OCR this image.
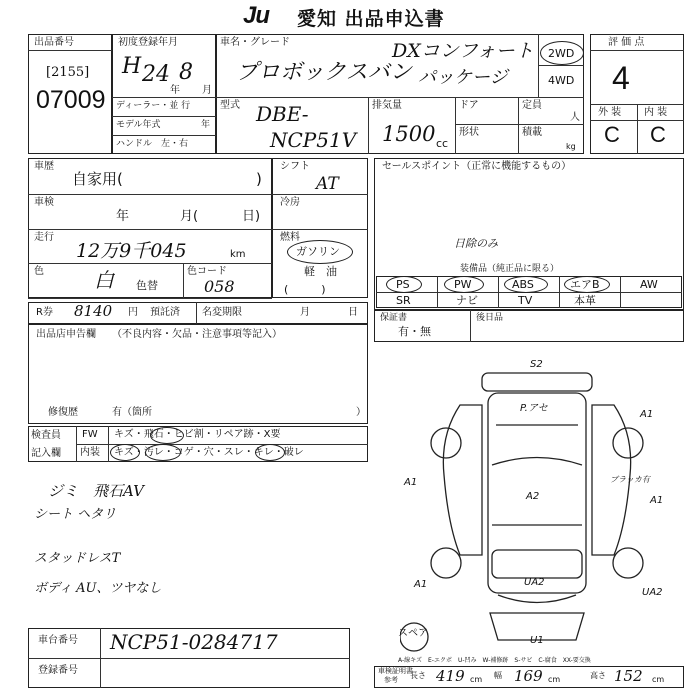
Ju 愛知 出品申込書
出品番号
[2155]
07009
初度登録年月
H 24 8
年 月
ディーラー・並 行
モデル年式	年
ハンドル　左・右
車名・グレード
プロボックスバン
DXコンフォート
パッケージ
2WD
4WD
型式 DBE-
NCP51V
排気量
1500 cc
ドア	定員
人
形状	積載
kg
評 価 点
4
外 装 内 装
C C
車歴
自家用(	)
シフト
AT
車検
年	月(	日)
冷房
走行
12万9千045	km
燃料
ガソリン
軽　油
(　　　)
色	白 色替
色コード
058
R券 8140 円 預託済 名変期限	月	日
出品店申告欄 （不良内容・欠品・注意事項等記入）
修復歴	有（箇所	）
検査員
記入欄
FW キズ・飛石・ヒビ割・リペア跡・X要
内装 キズ・汚レ・コゲ・穴・スレ・キレ・破レ
ジミ　飛石AV
シート ヘタリ
スタッドレスT
ボディ AU、ツヤなし
セールスポイント（正常に機能するもの）
日除のみ
装備品（純正品に限る）
PS	PW	ABS	エアB	AW
SR	ナビ	TV	本革
保証書
有・無
後日品
S2
P.アセ
A1
A1
A2	A1
ブラッカ有
A1	UA2
UA2
U1
スペア
A-線キズ　E-エクボ　U-凹み　W-補修跡　S-サビ　C-腐食　XX-要交換
車台番号 NCP51-0284717
登録番号	車検証明書
参考 長さ 419 cm 幅 169 cm	高さ 152 cm
